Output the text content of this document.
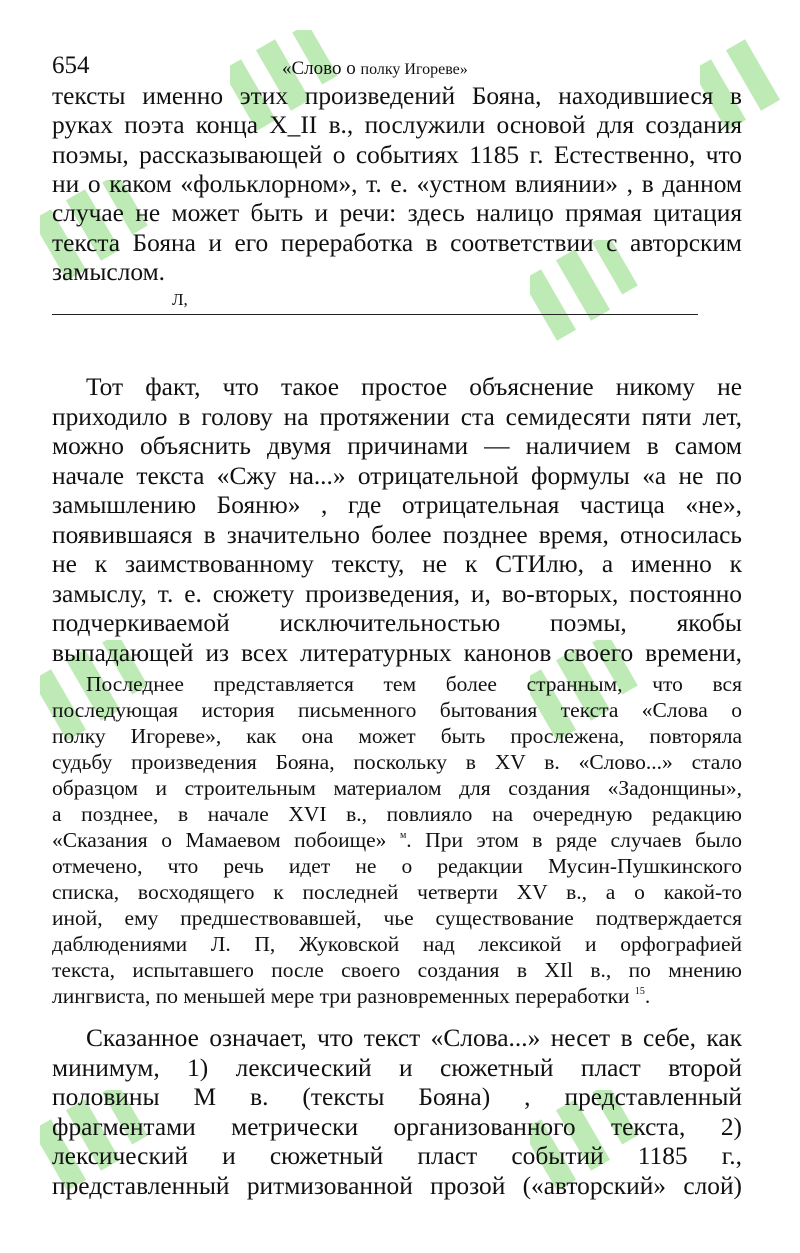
654	«Слово о полку Игореве»
тексты именно этих произведений Бояна, находившиеся в
руках поэта конца X_II в., послужили основой для создания
поэмы, рассказывающей о событиях 1185 г. Естественно, что
ни о каком «фольклорном», т. е. «устном влиянии» , в данном
случае не может быть и речи: здесь налицо прямая цитация
текста Бояна и его переработка в соответствии с авторским
замыслом.
Л,
Тот факт, что такое простое объяснение никому не
приходило в голову на протяжении ста семидесяти пяти лет,
можно объяснить двумя причинами — наличием в самом
начале текста «Сжу на...» отрицательной формулы «а не по
замышлению Бояню» , где отрицательная частица «не»,
появившаяся в значительно более позднее время, относилась
не к заимствованному тексту, не к СТИлю, а именно к
замыслу, т. е. сюжету произведения, и, во-вторых, постоянно
подчеркиваемой исключительностью поэмы, якобы
выпадающей из всех литературных канонов своего времени,
Последнее представляется тем более странным, что вся
последующая история письменного бытования текста «Слова о
полку Игореве», как она может быть прослежена, повторяла
судьбу произведения Бояна, поскольку в XV в. «Слово...» стало
образцом и строительным материалом для создания «Задонщины»,
а позднее, в начале XVI в., повлияло на очередную редакцию
«Сказания о Мамаевом побоище» $^м$. При этом в ряде случаев было
отмечено, что речь идет не о редакции Мусин-Пушкинского
списка, восходящего к последней четверти XV в., а о какой-то
иной, ему предшествовавшей, чье существование подтверждается
даблюдениями Л. П, Жуковской над лексикой и орфографией
текста, испытавшего после своего создания в XIl в., по мнению
лингвиста, по меньшей мере три разновременных переработки $^{15}$.
Сказанное означает, что текст «Слова...» несет в себе, как
минимум, 1) лексический и сюжетный пласт второй
половины М в. (тексты Бояна) , представленный
фрагментами метрически организованного текста, 2)
лексический и сюжетный пласт событий 1185 г.,
представленный ритмизованной прозой («авторский» слой)
